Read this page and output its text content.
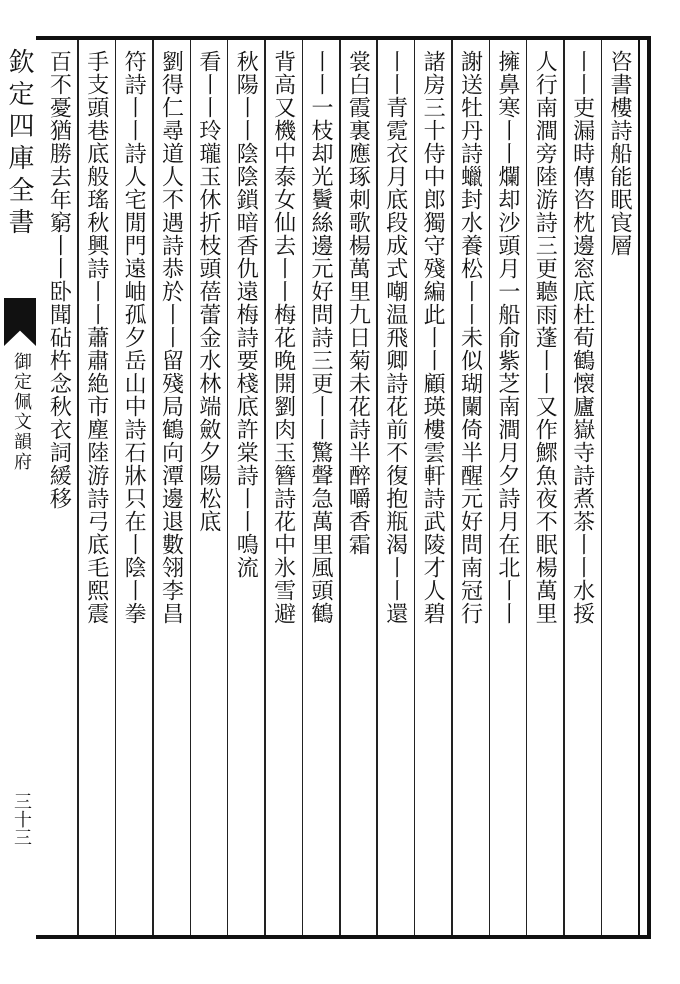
欽定四庫全書
御定佩文韻府
三十三
咨書樓詩船能眠㝗層
丨丨吏漏時傳咨枕邊窓底杜荀鶴懐廬嶽寺詩煮茶丨丨水挼
人行南澗旁陸游詩三更聽雨蓬丨丨又作鰥魚夜不眠楊萬里
擁鼻寒丨丨爛却沙頭月一船俞紫芝南澗月夕詩月在北丨丨
謝送牡丹詩蠟封水養松丨丨未似瑚闌倚半醒元好問南冠行
諸房三十侍中郎獨守殘編此丨丨顧瑛樓雲軒詩武陵才人碧
丨丨青霓衣月底段成式嘲温飛卿詩花前不復抱瓶渴丨丨還
裳白霞裏應琢刺歌楊萬里九日菊未花詩半醉嚼香霜
丨丨一枝却光鬢絲邊元好問詩三更丨丨驚聲急萬里風頭鶴
背高又機中泰女仙去丨丨梅花晚開劉肉玉簪詩花中氷雪避
秋陽丨丨陰陰鎖暗香仇遠梅詩要棧底許棠詩丨丨鳴流
看丨丨玲瓏玉休折枝頭蓓蕾金水林端斂夕陽松底
劉得仁尋道人不遇詩恭於丨丨留殘局鶴向潭邊退數翎李昌
符詩丨丨詩人宅閒門遠岫孤夕岳山中詩石牀只在丨陰丨拳
手支頭巷底般瑤秋興詩丨丨蕭肅絶市塵陸游詩弓底毛熙震
百不憂猶勝去年窮丨丨卧聞砧杵念秋衣詞緩移
